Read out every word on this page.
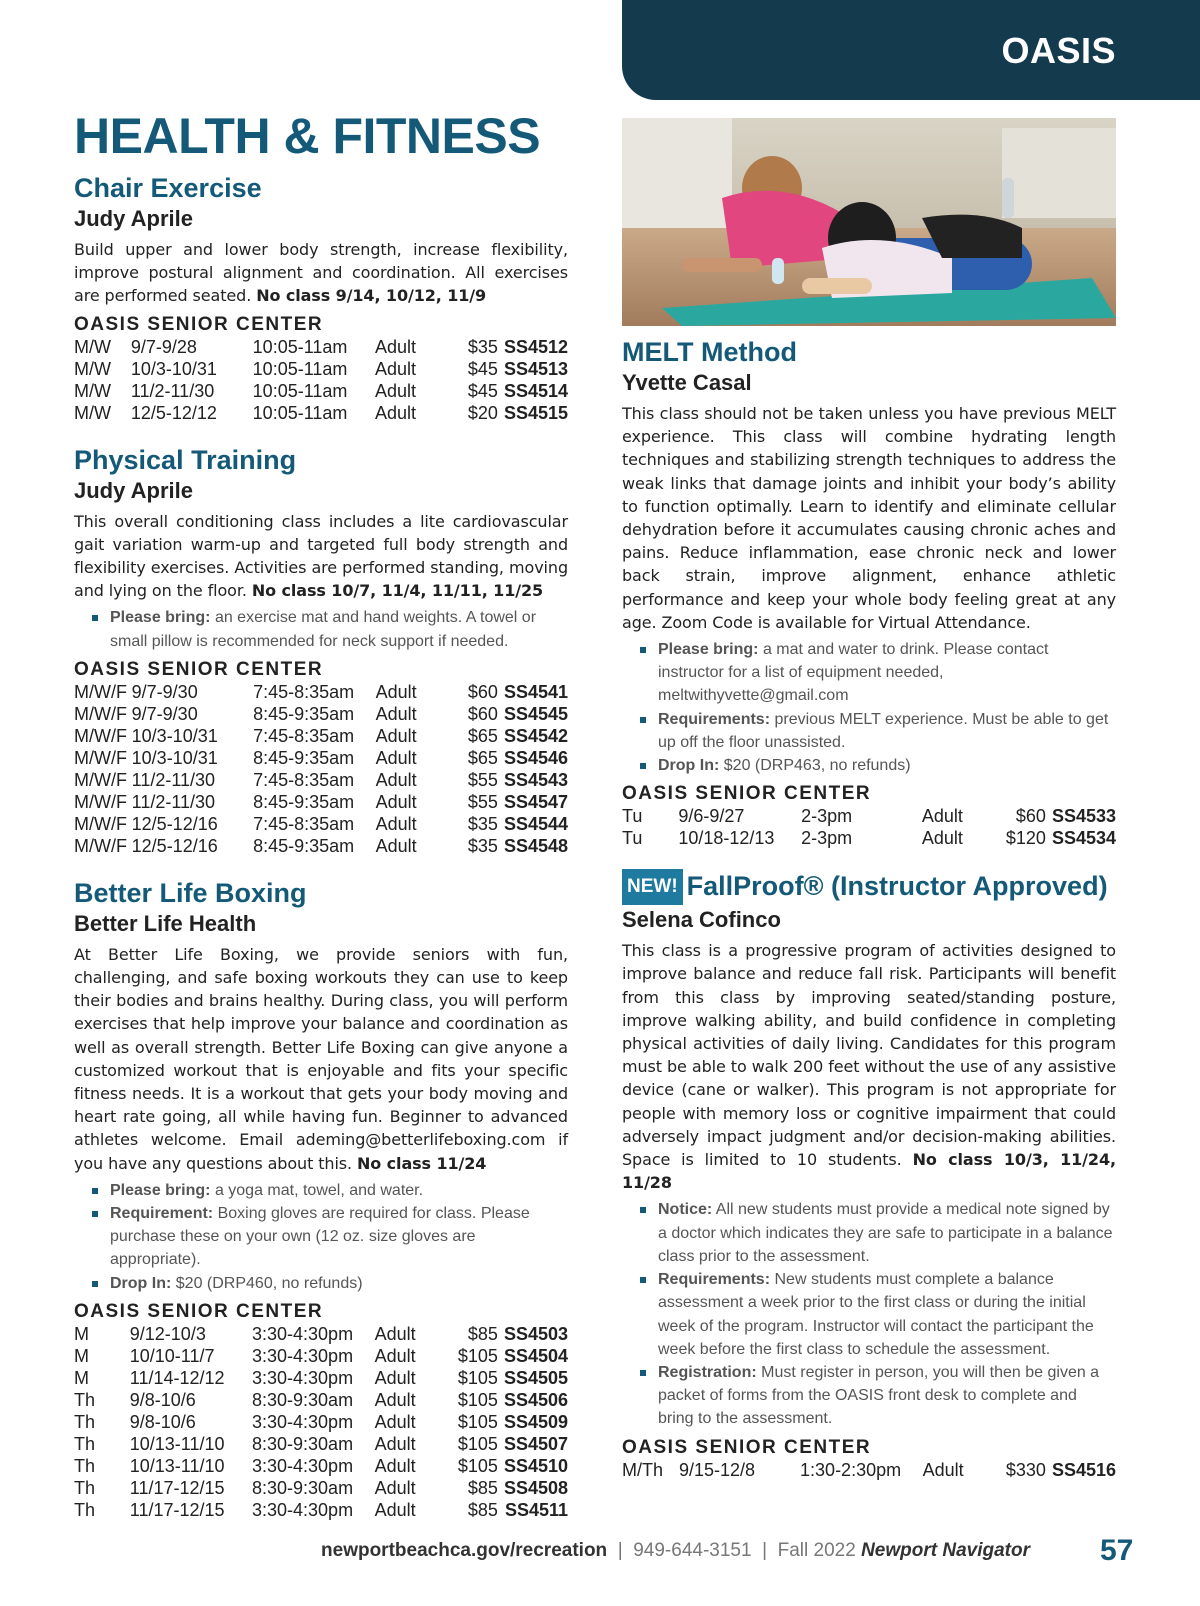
OASIS
HEALTH & FITNESS
Chair Exercise
Judy Aprile

Build upper and lower body strength, increase flexibility, improve postural alignment and coordination. All exercises are performed seated. No class 9/14, 10/12, 11/9

OASIS SENIOR CENTER
M/W	9/7-9/28	10:05-11am	Adult	$35	SS4512
M/W	10/3-10/31	10:05-11am	Adult	$45	SS4513
M/W	11/2-11/30	10:05-11am	Adult	$45	SS4514
M/W	12/5-12/12	10:05-11am	Adult	$20	SS4515
Physical Training
Judy Aprile

This overall conditioning class includes a lite cardiovascular gait variation warm-up and targeted full body strength and flexibility exercises. Activities are performed standing, moving and lying on the floor. No class 10/7, 11/4, 11/11, 11/25

Please bring: an exercise mat and hand weights. A towel or small pillow is recommended for neck support if needed.
OASIS SENIOR CENTER
M/W/F	9/7-9/30	7:45-8:35am	Adult	$60	SS4541
M/W/F	9/7-9/30	8:45-9:35am	Adult	$60	SS4545
M/W/F	10/3-10/31	7:45-8:35am	Adult	$65	SS4542
M/W/F	10/3-10/31	8:45-9:35am	Adult	$65	SS4546
M/W/F	11/2-11/30	7:45-8:35am	Adult	$55	SS4543
M/W/F	11/2-11/30	8:45-9:35am	Adult	$55	SS4547
M/W/F	12/5-12/16	7:45-8:35am	Adult	$35	SS4544
M/W/F	12/5-12/16	8:45-9:35am	Adult	$35	SS4548
Better Life Boxing
Better Life Health

At Better Life Boxing, we provide seniors with fun, challenging, and safe boxing workouts they can use to keep their bodies and brains healthy. During class, you will perform exercises that help improve your balance and coordination as well as overall strength. Better Life Boxing can give anyone a customized workout that is enjoyable and fits your specific fitness needs. It is a workout that gets your body moving and heart rate going, all while having fun. Beginner to advanced athletes welcome. Email ademing@betterlifeboxing.com if you have any questions about this. No class 11/24

Please bring: a yoga mat, towel, and water.
Requirement: Boxing gloves are required for class. Please purchase these on your own (12 oz. size gloves are appropriate).
Drop In: $20 (DRP460, no refunds)
OASIS SENIOR CENTER
M	9/12-10/3	3:30-4:30pm	Adult	$85	SS4503
M	10/10-11/7	3:30-4:30pm	Adult	$105	SS4504
M	11/14-12/12	3:30-4:30pm	Adult	$105	SS4505
Th	9/8-10/6	8:30-9:30am	Adult	$105	SS4506
Th	9/8-10/6	3:30-4:30pm	Adult	$105	SS4509
Th	10/13-11/10	8:30-9:30am	Adult	$105	SS4507
Th	10/13-11/10	3:30-4:30pm	Adult	$105	SS4510
Th	11/17-12/15	8:30-9:30am	Adult	$85	SS4508
Th	11/17-12/15	3:30-4:30pm	Adult	$85	SS4511
MELT Method
Yvette Casal

This class should not be taken unless you have previous MELT experience. This class will combine hydrating length techniques and stabilizing strength techniques to address the weak links that damage joints and inhibit your body’s ability to function optimally. Learn to identify and eliminate cellular dehydration before it accumulates causing chronic aches and pains. Reduce inflammation, ease chronic neck and lower back strain, improve alignment, enhance athletic performance and keep your whole body feeling great at any age. Zoom Code is available for Virtual Attendance.

Please bring: a mat and water to drink. Please contact instructor for a list of equipment needed, meltwithyvette@gmail.com
Requirements: previous MELT experience. Must be able to get up off the floor unassisted.
Drop In: $20 (DRP463, no refunds)
OASIS SENIOR CENTER
Tu	9/6-9/27	2-3pm	Adult	$60	SS4533
Tu	10/18-12/13	2-3pm	Adult	$120	SS4534
NEW! FallProof® (Instructor Approved)
Selena Cofinco

This class is a progressive program of activities designed to improve balance and reduce fall risk. Participants will benefit from this class by improving seated/standing posture, improve walking ability, and build confidence in completing physical activities of daily living. Candidates for this program must be able to walk 200 feet without the use of any assistive device (cane or walker). This program is not appropriate for people with memory loss or cognitive impairment that could adversely impact judgment and/or decision-making abilities. Space is limited to 10 students. No class 10/3, 11/24, 11/28

Notice: All new students must provide a medical note signed by a doctor which indicates they are safe to participate in a balance class prior to the assessment.
Requirements: New students must complete a balance assessment a week prior to the first class or during the initial week of the program. Instructor will contact the participant the week before the first class to schedule the assessment.
Registration: Must register in person, you will then be given a packet of forms from the OASIS front desk to complete and bring to the assessment.
OASIS SENIOR CENTER
M/Th	9/15-12/8	1:30-2:30pm	Adult	$330	SS4516
newportbeachca.gov/recreation  |  949-644-3151  |  Fall 2022 Newport Navigator 57
